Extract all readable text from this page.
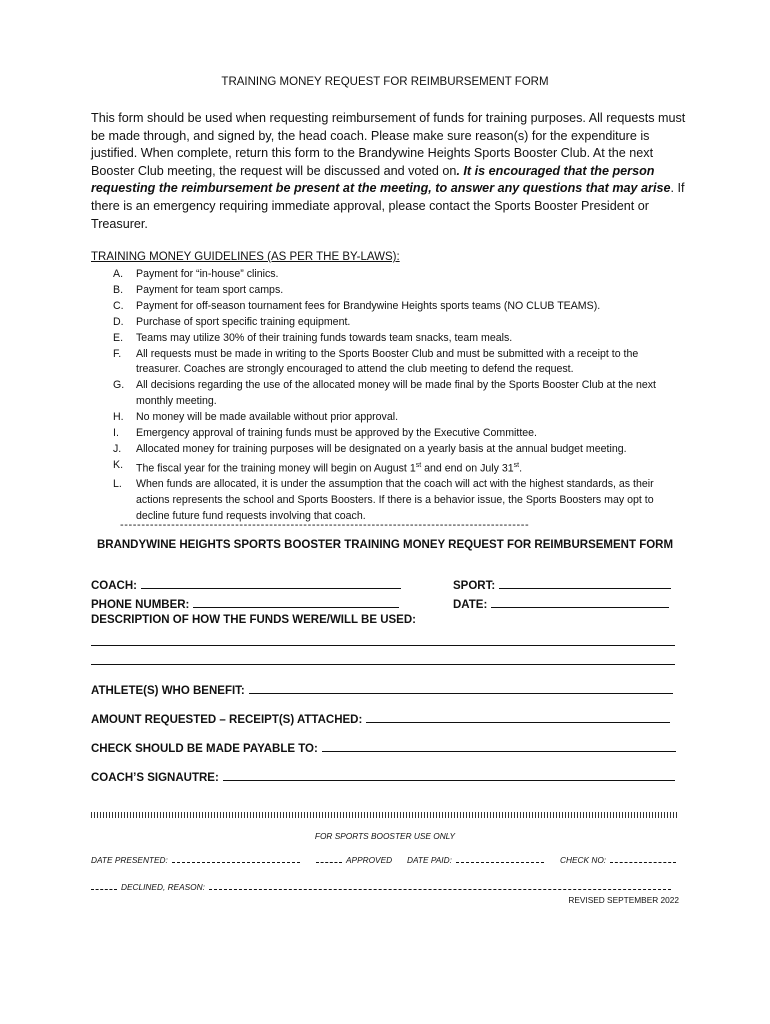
TRAINING MONEY REQUEST FOR REIMBURSEMENT FORM
This form should be used when requesting reimbursement of funds for training purposes. All requests must be made through, and signed by, the head coach. Please make sure reason(s) for the expenditure is justified. When complete, return this form to the Brandywine Heights Sports Booster Club. At the next Booster Club meeting, the request will be discussed and voted on. It is encouraged that the person requesting the reimbursement be present at the meeting, to answer any questions that may arise. If there is an emergency requiring immediate approval, please contact the Sports Booster President or Treasurer.
TRAINING MONEY GUIDELINES (AS PER THE BY-LAWS):
A.	Payment for “in-house” clinics.
B.	Payment for team sport camps.
C.	Payment for off-season tournament fees for Brandywine Heights sports teams (NO CLUB TEAMS).
D.	Purchase of sport specific training equipment.
E.	Teams may utilize 30% of their training funds towards team snacks, team meals.
F.	All requests must be made in writing to the Sports Booster Club and must be submitted with a receipt to the treasurer. Coaches are strongly encouraged to attend the club meeting to defend the request.
G.	All decisions regarding the use of the allocated money will be made final by the Sports Booster Club at the next monthly meeting.
H.	No money will be made available without prior approval.
I.	Emergency approval of training funds must be approved by the Executive Committee.
J.	Allocated money for training purposes will be designated on a yearly basis at the annual budget meeting.
K.	The fiscal year for the training money will begin on August 1st and end on July 31st.
L.	When funds are allocated, it is under the assumption that the coach will act with the highest standards, as their actions represents the school and Sports Boosters. If there is a behavior issue, the Sports Boosters may opt to decline future fund requests involving that coach.
------------------------------------------------------------------------------------------------
BRANDYWINE HEIGHTS SPORTS BOOSTER TRAINING MONEY REQUEST FOR REIMBURSEMENT FORM
COACH:	SPORT:
PHONE NUMBER:	DATE:
DESCRIPTION OF HOW THE FUNDS WERE/WILL BE USED:
ATHLETE(S) WHO BENEFIT:
AMOUNT REQUESTED – RECEIPT(S) ATTACHED:
CHECK SHOULD BE MADE PAYABLE TO:
COACH’S SIGNAUTRE:
FOR SPORTS BOOSTER USE ONLY
DATE PRESENTED:	APPROVED DATE PAID:	CHECK NO:
DECLINED, REASON:
REVISED SEPTEMBER 2022
